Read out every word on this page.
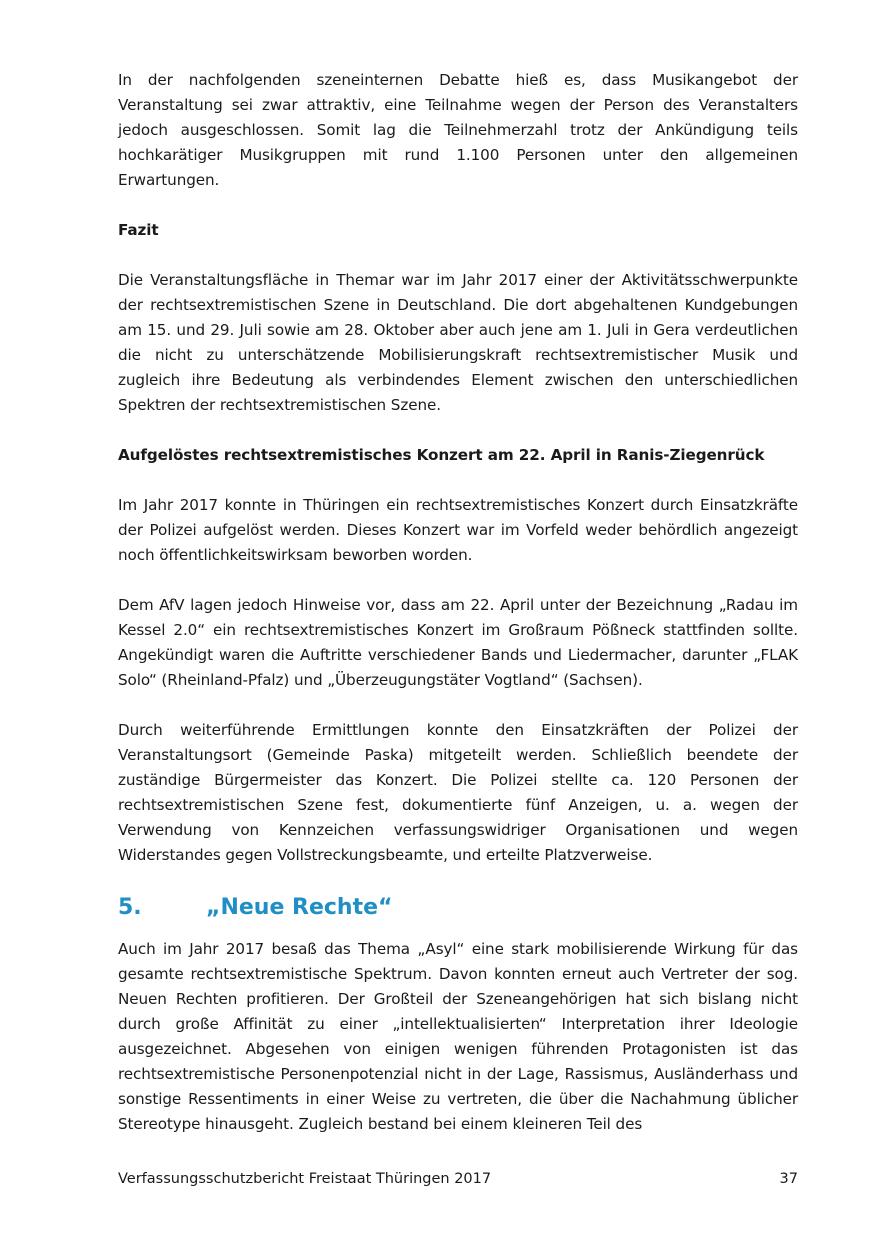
In der nachfolgenden szeneinternen Debatte hieß es, dass Musikangebot der Veranstaltung sei zwar attraktiv, eine Teilnahme wegen der Person des Veranstalters jedoch ausgeschlossen. Somit lag die Teilnehmerzahl trotz der Ankündigung teils hochkarätiger Musikgruppen mit rund 1.100 Personen unter den allgemeinen Erwartungen.

Fazit

Die Veranstaltungsfläche in Themar war im Jahr 2017 einer der Aktivitätsschwerpunkte der rechtsextremistischen Szene in Deutschland. Die dort abgehaltenen Kundgebungen am 15. und 29. Juli sowie am 28. Oktober aber auch jene am 1. Juli in Gera verdeutlichen die nicht zu unterschätzende Mobilisierungskraft rechtsextremistischer Musik und zugleich ihre Bedeutung als verbindendes Element zwischen den unterschiedlichen Spektren der rechtsextremistischen Szene.

Aufgelöstes rechtsextremistisches Konzert am 22. April in Ranis-Ziegenrück

Im Jahr 2017 konnte in Thüringen ein rechtsextremistisches Konzert durch Einsatzkräfte der Polizei aufgelöst werden. Dieses Konzert war im Vorfeld weder behördlich angezeigt noch öffentlichkeitswirksam beworben worden.

Dem AfV lagen jedoch Hinweise vor, dass am 22. April unter der Bezeichnung „Radau im Kessel 2.0“ ein rechtsextremistisches Konzert im Großraum Pößneck stattfinden sollte. Angekündigt waren die Auftritte verschiedener Bands und Liedermacher, darunter „FLAK Solo“ (Rheinland-Pfalz) und „Überzeugungstäter Vogtland“ (Sachsen).

Durch weiterführende Ermittlungen konnte den Einsatzkräften der Polizei der Veranstaltungsort (Gemeinde Paska) mitgeteilt werden. Schließlich beendete der zuständige Bürgermeister das Konzert. Die Polizei stellte ca. 120 Personen der rechtsextremistischen Szene fest, dokumentierte fünf Anzeigen, u. a. wegen der Verwendung von Kennzeichen verfassungswidriger Organisationen und wegen Widerstandes gegen Vollstreckungsbeamte, und erteilte Platzverweise.

5.	„Neue Rechte“

Auch im Jahr 2017 besaß das Thema „Asyl“ eine stark mobilisierende Wirkung für das gesamte rechtsextremistische Spektrum. Davon konnten erneut auch Vertreter der sog. Neuen Rechten profitieren. Der Großteil der Szeneangehörigen hat sich bislang nicht durch große Affinität zu einer „intellektualisierten“ Interpretation ihrer Ideologie ausgezeichnet. Abgesehen von einigen wenigen führenden Protagonisten ist das rechtsextremistische Personenpotenzial nicht in der Lage, Rassismus, Ausländerhass und sonstige Ressentiments in einer Weise zu vertreten, die über die Nachahmung üblicher Stereotype hinausgeht. Zugleich bestand bei einem kleineren Teil des

Verfassungsschutzbericht Freistaat Thüringen 2017	37
